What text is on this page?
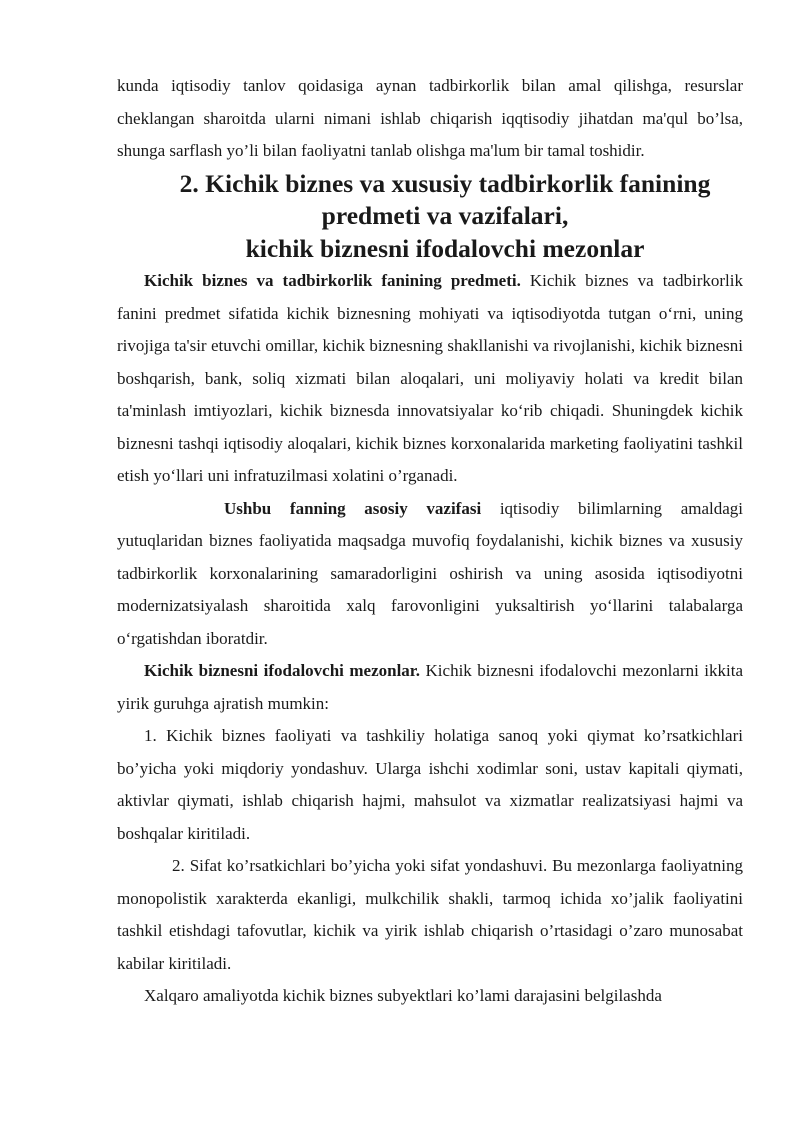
kunda iqtisodiy tanlov qoidasiga aynan tadbirkorlik bilan amal qilishga, resurslar cheklangan sharoitda ularni nimani ishlab chiqarish iqqtisodiy jihatdan ma'qul bo’lsa, shunga sarflash yo’li bilan faoliyatni tanlab olishga ma'lum bir tamal toshidir.

2. Kichik biznes va xususiy tadbirkorlik fanining predmeti va vazifalari,
kichik biznesni ifodalovchi mezonlar

Kichik biznes va tadbirkorlik fanining predmeti. Kichik biznes va tadbirkorlik fanini predmet sifatida kichik biznesning mohiyati va iqtisodiyotda tutgan o‘rni, uning rivojiga ta'sir etuvchi omillar, kichik biznesning shakllanishi va rivojlanishi, kichik biznesni boshqarish, bank, soliq xizmati bilan aloqalari, uni moliyaviy holati va kredit bilan ta'minlash imtiyozlari, kichik biznesda innovatsiyalar ko‘rib chiqadi. Shuningdek kichik biznesni tashqi iqtisodiy aloqalari, kichik biznes korxonalarida marketing faoliyatini tashkil etish yo‘llari uni infratuzilmasi xolatini o’rganadi.

Ushbu fanning asosiy vazifasi iqtisodiy bilimlarning amaldagi yutuqlaridan biznes faoliyatida maqsadga muvofiq foydalanishi, kichik biznes va xususiy tadbirkorlik korxonalarining samaradorligini oshirish va uning asosida iqtisodiyotni modernizatsiyalash sharoitida xalq farovonligini yuksaltirish yo‘llarini talabalarga o‘rgatishdan iboratdir.

Kichik biznesni ifodalovchi mezonlar. Kichik biznesni ifodalovchi mezonlarni ikkita yirik guruhga ajratish mumkin:

1. Kichik biznes faoliyati va tashkiliy holatiga sanoq yoki qiymat ko’rsatkichlari bo’yicha yoki miqdoriy yondashuv. Ularga ishchi xodimlar soni, ustav kapitali qiymati, aktivlar qiymati, ishlab chiqarish hajmi, mahsulot va xizmatlar realizatsiyasi hajmi va boshqalar kiritiladi.

2. Sifat ko’rsatkichlari bo’yicha yoki sifat yondashuvi. Bu mezonlarga faoliyatning monopolistik xarakterda ekanligi, mulkchilik shakli, tarmoq ichida xo’jalik faoliyatini tashkil etishdagi tafovutlar, kichik va yirik ishlab chiqarish o’rtasidagi o’zaro munosabat kabilar kiritiladi.

Xalqaro amaliyotda kichik biznes subyektlari ko’lami darajasini belgilashda
